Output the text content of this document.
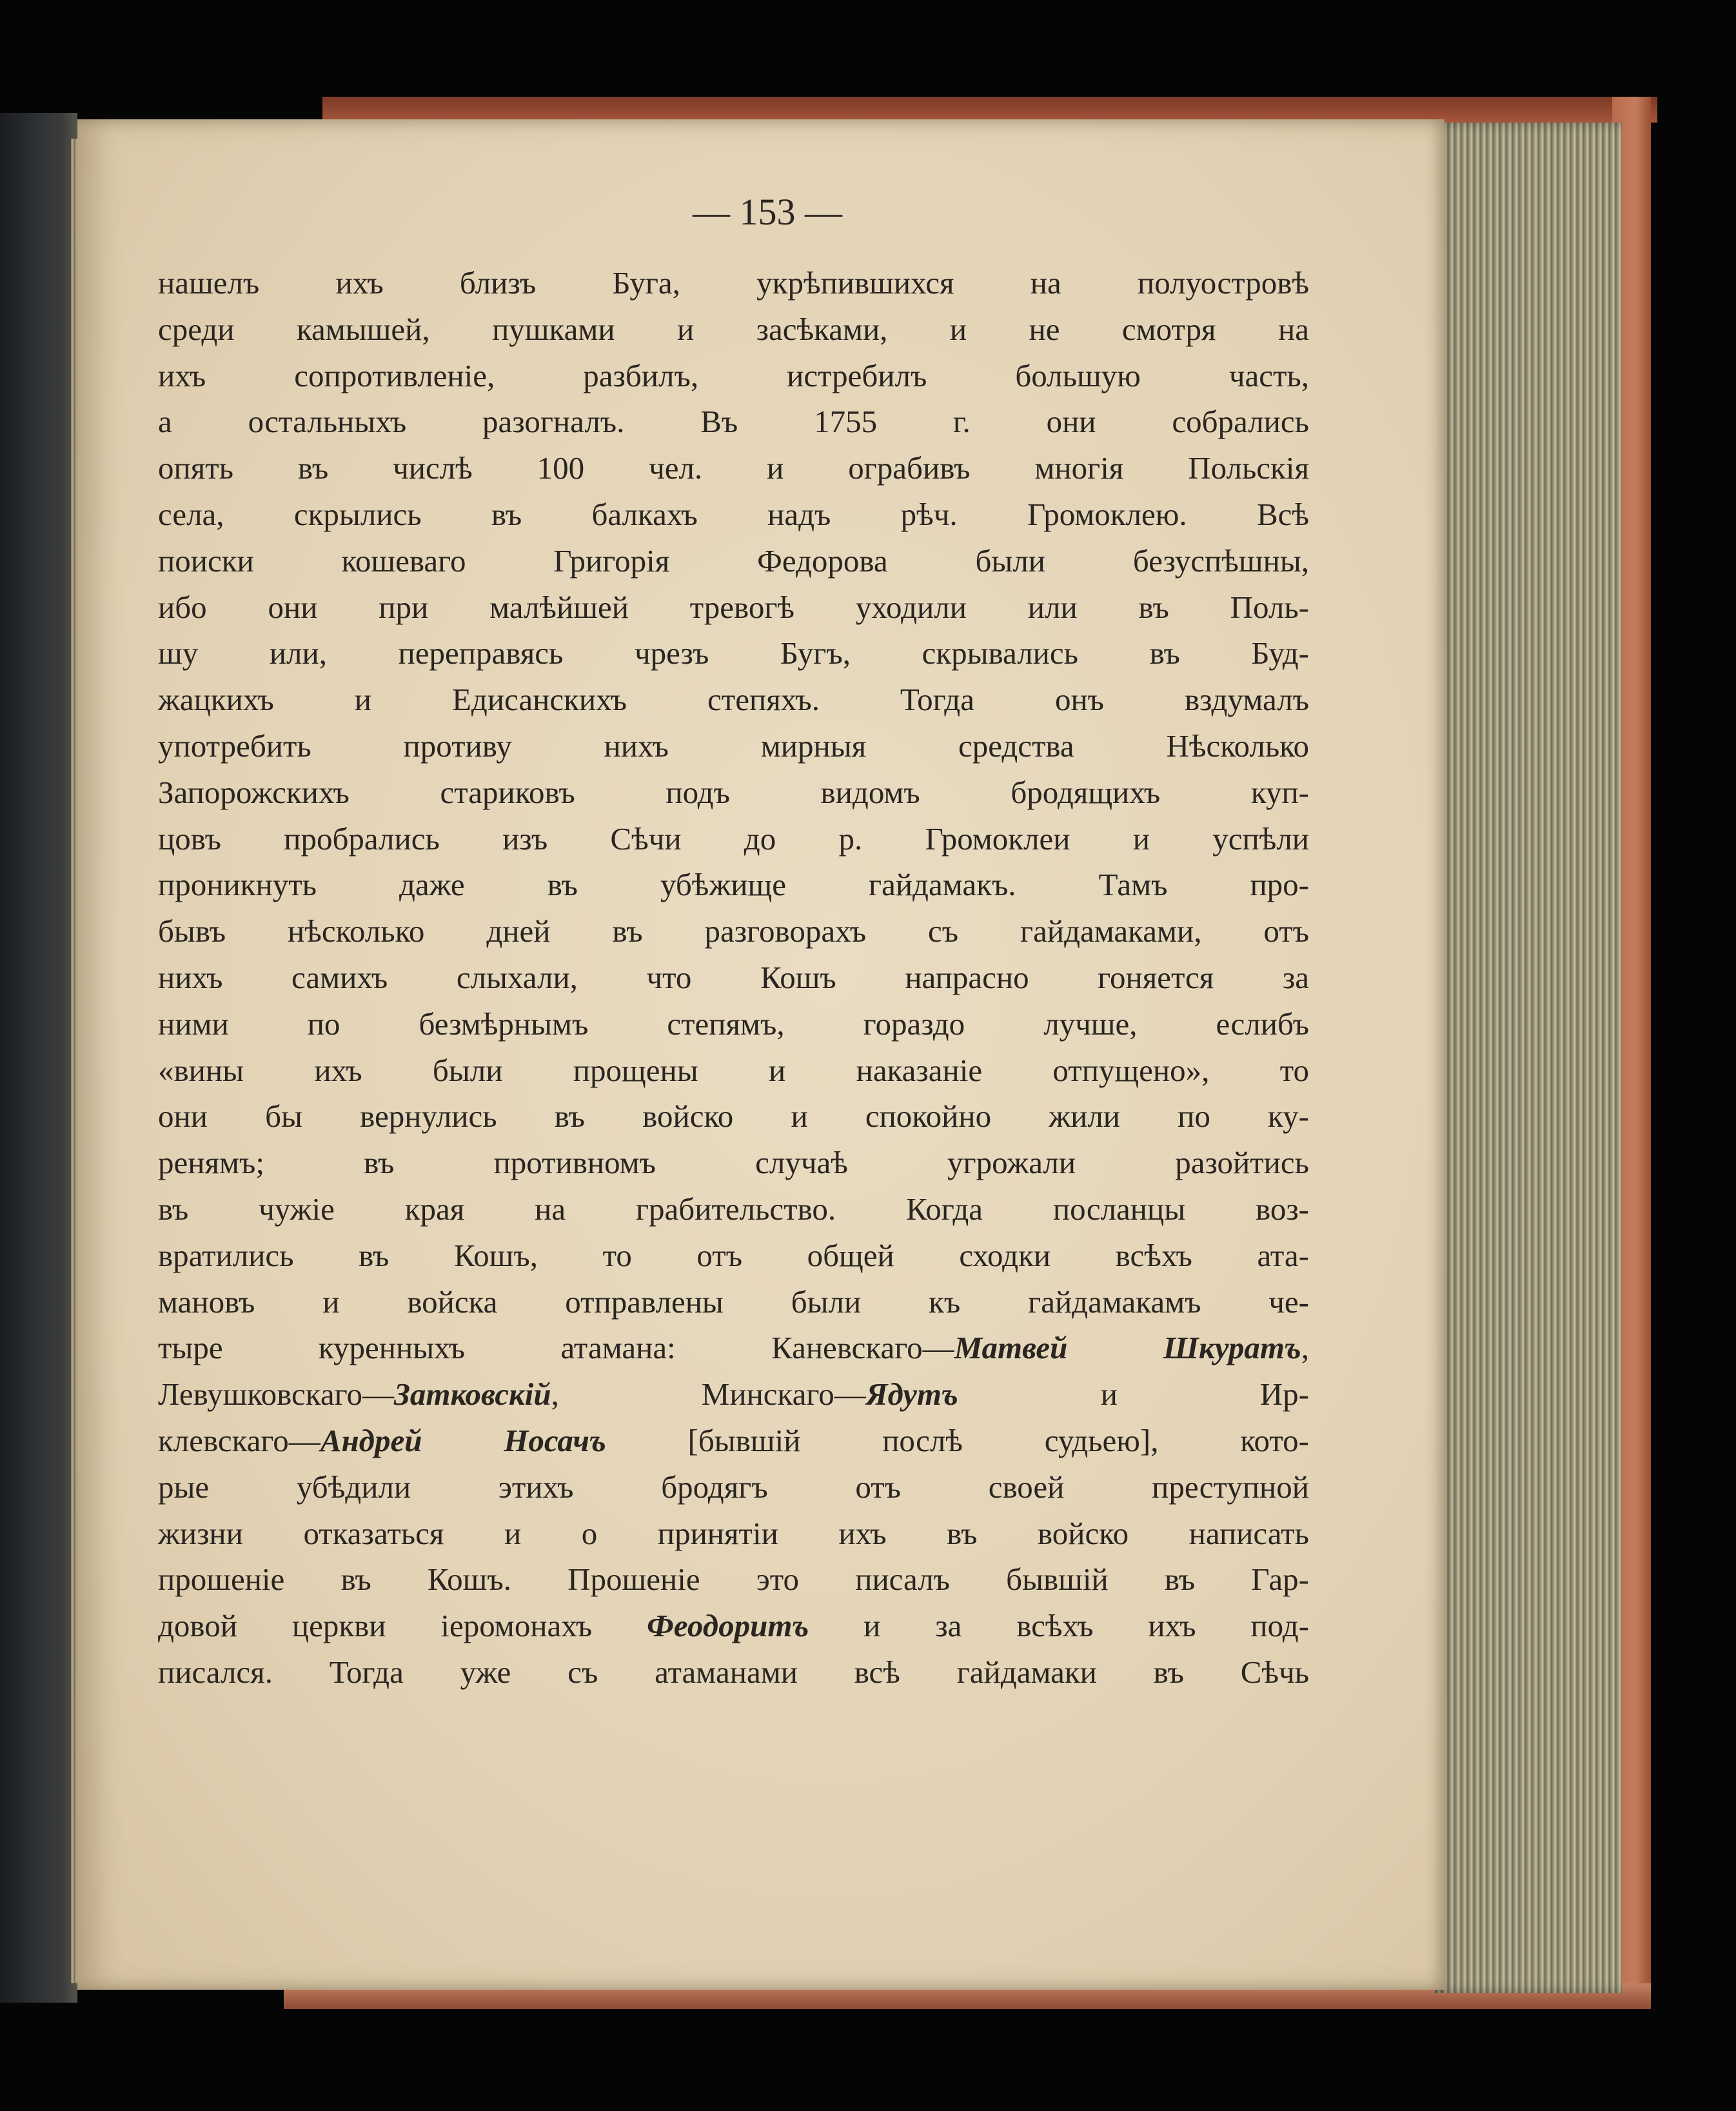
— 153 —
нашелъ ихъ близъ Буга, укрѣпившихся на полуостровѣ
среди камышей, пушками и засѣками, и не смотря на
ихъ сопротивленіе, разбилъ, истребилъ большую часть,
а остальныхъ разогналъ. Въ 1755 г. они собрались
опять въ числѣ 100 чел. и ограбивъ многія Польскія
села, скрылись въ балкахъ надъ рѣч. Громоклею. Всѣ
поиски кошеваго Григорія Федорова были безуспѣшны,
ибо они при малѣйшей тревогѣ уходили или въ Поль-
шу или, переправясь чрезъ Бугъ, скрывались въ Буд-
жацкихъ и Едисанскихъ степяхъ. Тогда онъ вздумалъ
употребить противу нихъ мирныя средства Нѣсколько
Запорожскихъ стариковъ подъ видомъ бродящихъ куп-
цовъ пробрались изъ Сѣчи до р. Громоклеи и успѣли
проникнуть даже въ убѣжище гайдамакъ. Тамъ про-
бывъ нѣсколько дней въ разговорахъ съ гайдамаками, отъ
нихъ самихъ слыхали, что Кошъ напрасно гоняется за
ними по безмѣрнымъ степямъ, гораздо лучше, еслибъ
«вины ихъ были прощены и наказаніе отпущено», то
они бы вернулись въ войско и спокойно жили по ку-
ренямъ; въ противномъ случаѣ угрожали разойтись
въ чужіе края на грабительство. Когда посланцы воз-
вратились въ Кошъ, то отъ общей сходки всѣхъ ата-
мановъ и войска отправлены были къ гайдамакамъ че-
тыре куренныхъ атамана: Каневскаго—Матвей Шкуратъ,
Левушковскаго—Затковскій, Минскаго—Ядутъ и Ир-
клевскаго—Андрей Носачъ [бывшій послѣ судьею], кото-
рые убѣдили этихъ бродягъ отъ своей преступной
жизни отказаться и о принятіи ихъ въ войско написать
прошеніе въ Кошъ. Прошеніе это писалъ бывшій въ Гар-
довой церкви іеромонахъ Феодоритъ и за всѣхъ ихъ под-
писался. Тогда уже съ атаманами всѣ гайдамаки въ Сѣчь
